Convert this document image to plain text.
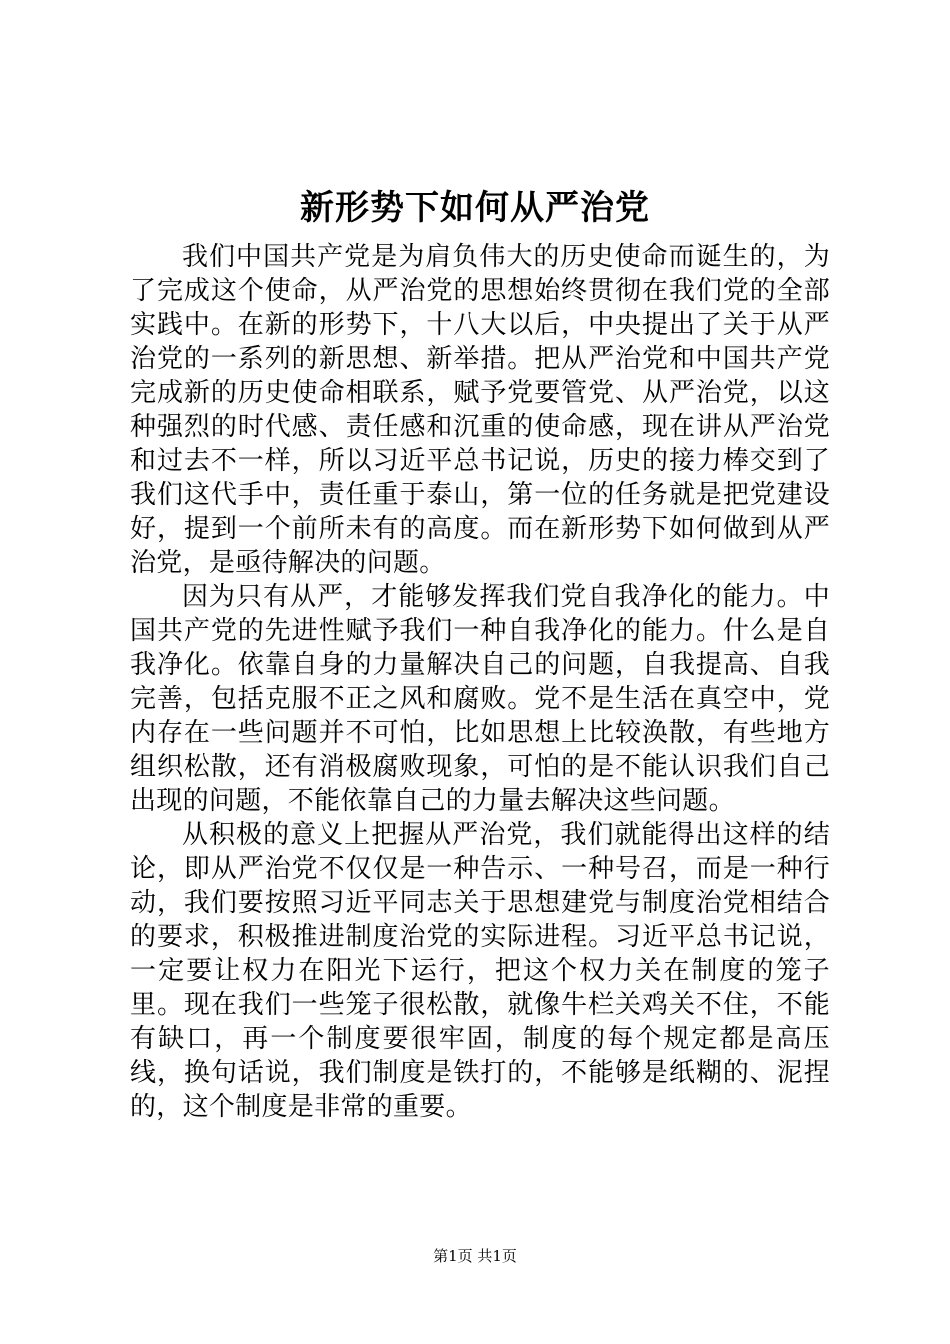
新形势下如何从严治党

我们中国共产党是为肩负伟大的历史使命而诞生的，为了完成这个使命，从严治党的思想始终贯彻在我们党的全部实践中。在新的形势下，十八大以后，中央提出了关于从严治党的一系列的新思想、新举措。把从严治党和中国共产党完成新的历史使命相联系，赋予党要管党、从严治党，以这种强烈的时代感、责任感和沉重的使命感，现在讲从严治党和过去不一样，所以习近平总书记说，历史的接力棒交到了我们这代手中，责任重于泰山，第一位的任务就是把党建设好，提到一个前所未有的高度。而在新形势下如何做到从严治党，是亟待解决的问题。

因为只有从严，才能够发挥我们党自我净化的能力。中国共产党的先进性赋予我们一种自我净化的能力。什么是自我净化。依靠自身的力量解决自己的问题，自我提高、自我完善，包括克服不正之风和腐败。党不是生活在真空中，党内存在一些问题并不可怕，比如思想上比较涣散，有些地方组织松散，还有消极腐败现象，可怕的是不能认识我们自己出现的问题，不能依靠自己的力量去解决这些问题。

从积极的意义上把握从严治党，我们就能得出这样的结论，即从严治党不仅仅是一种告示、一种号召，而是一种行动，我们要按照习近平同志关于思想建党与制度治党相结合的要求，积极推进制度治党的实际进程。习近平总书记说，一定要让权力在阳光下运行，把这个权力关在制度的笼子里。现在我们一些笼子很松散，就像牛栏关鸡关不住，不能有缺口，再一个制度要很牢固，制度的每个规定都是高压线，换句话说，我们制度是铁打的，不能够是纸糊的、泥捏的，这个制度是非常的重要。

第1页 共1页
